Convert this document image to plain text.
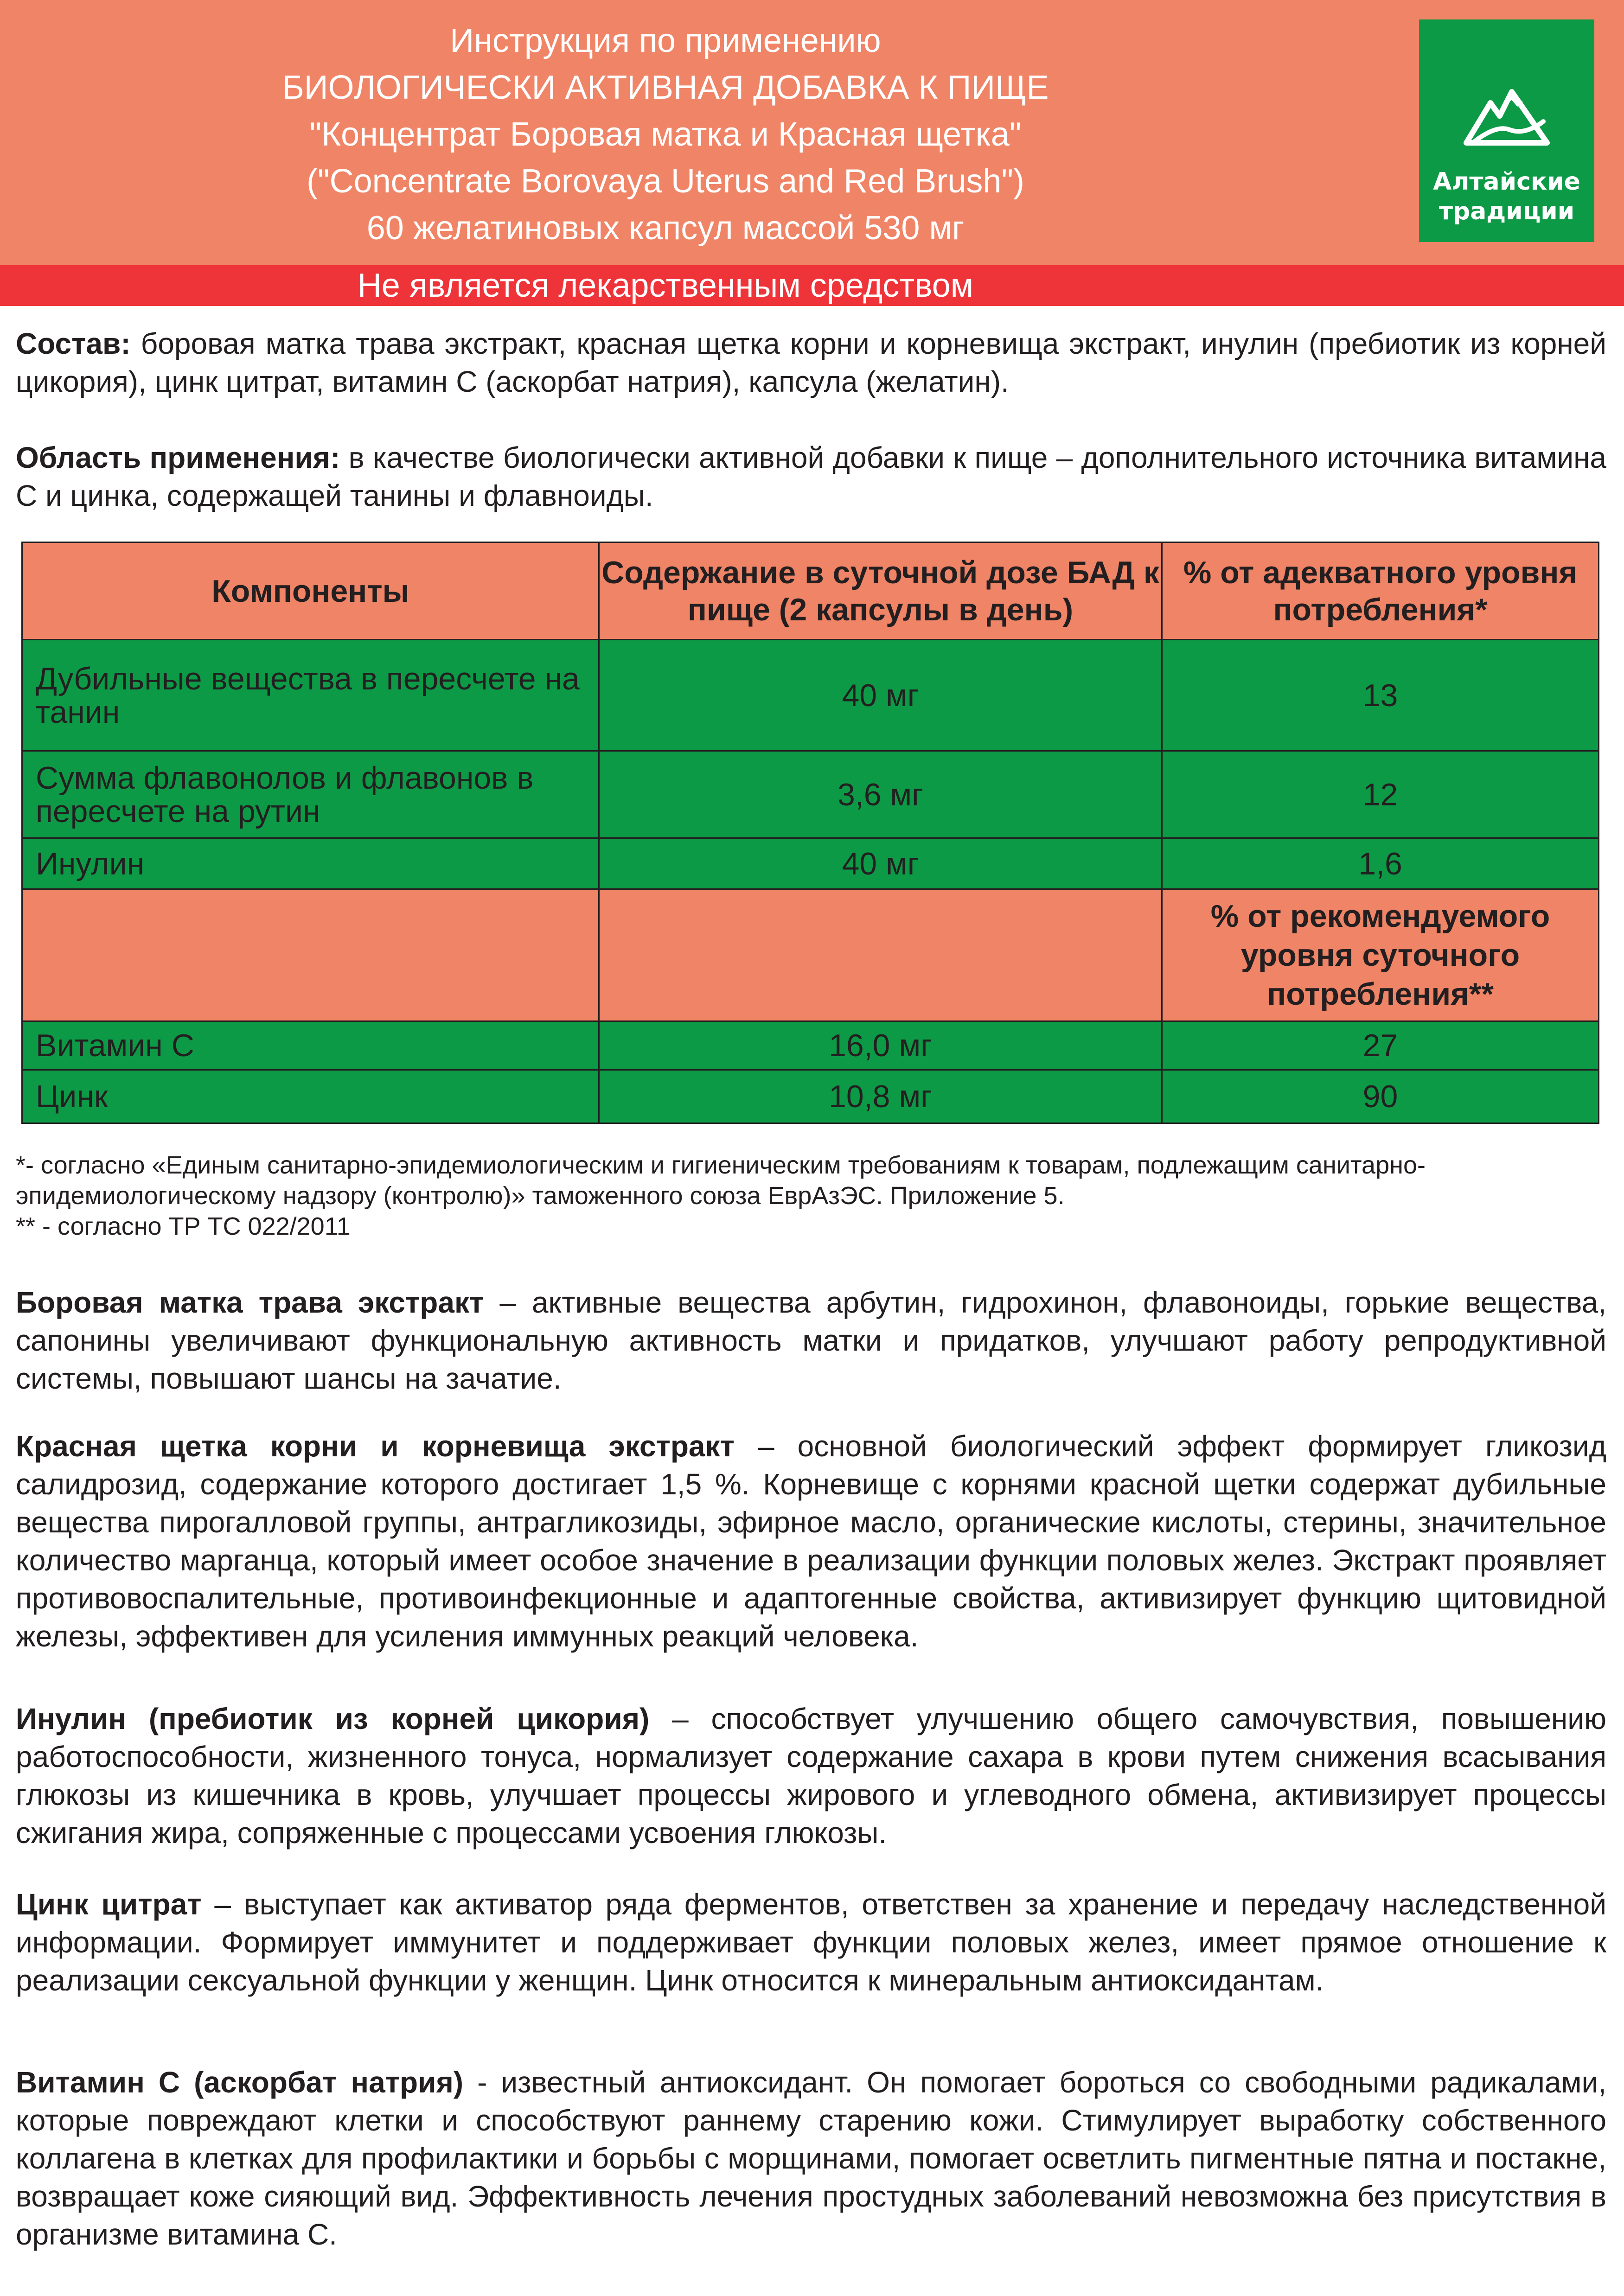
Инструкция по применению
БИОЛОГИЧЕСКИ АКТИВНАЯ ДОБАВКА К ПИЩЕ
"Концентрат Боровая матка и Красная щетка"
("Concentrate Borovaya Uterus and Red Brush")
60 желатиновых капсул массой 530 мг
Алтайские
традиции
Не является лекарственным средством

Состав: боровая матка трава экстракт, красная щетка корни и корневища экстракт, инулин (пребиотик из корней цикория), цинк цитрат, витамин С (аскорбат натрия), капсула (желатин).

Область применения: в качестве биологически активной добавки к пище – дополнительного источника витамина С и цинка, содержащей танины и флавноиды.

Компоненты	Содержание в суточной дозе БАД к пище (2 капсулы в день)	% от адекватного уровня потребления*
Дубильные вещества в пересчете на танин	40 мг	13
Сумма флавонолов и флавонов в пересчете на рутин	3,6 мг	12
Инулин	40 мг	1,6
		% от рекомендуемого уровня суточного потребления**
Витамин С	16,0 мг	27
Цинк	10,8 мг	90
*- согласно «Единым санитарно-эпидемиологическим и гигиеническим требованиям к товарам, подлежащим санитарно-эпидемиологическому надзору (контролю)» таможенного союза ЕврАзЭС. Приложение 5.
** - согласно ТР ТС 022/2011

Боровая матка трава экстракт – активные вещества арбутин, гидрохинон, флавоноиды, горькие вещества, сапонины увеличивают функциональную активность матки и придатков, улучшают работу репродуктивной системы, повышают шансы на зачатие.

Красная щетка корни и корневища экстракт – основной биологический эффект формирует гликозид салидрозид, содержание которого достигает 1,5 %. Корневище с корнями красной щетки содержат дубильные вещества пирогалловой группы, антрагликозиды, эфирное масло, органические кислоты, стерины, значительное количество марганца, который имеет особое значение в реализации функции половых желез. Экстракт проявляет противовоспалительные, противоинфекционные и адаптогенные свойства, активизирует функцию щитовидной железы, эффективен для усиления иммунных реакций человека.

Инулин (пребиотик из корней цикория) – способствует улучшению общего самочувствия, повышению работоспособности, жизненного тонуса, нормализует содержание сахара в крови путем снижения всасывания глюкозы из кишечника в кровь, улучшает процессы жирового и углеводного обмена, активизирует процессы сжигания жира, сопряженные с процессами усвоения глюкозы.

Цинк цитрат – выступает как активатор ряда ферментов, ответствен за хранение и передачу наследственной информации. Формирует иммунитет и поддерживает функции половых желез, имеет прямое отношение к реализации сексуальной функции у женщин. Цинк относится к минеральным антиоксидантам.

Витамин С (аскорбат натрия) - известный антиоксидант. Он помогает бороться со свободными радикалами, которые повреждают клетки и способствуют раннему старению кожи. Стимулирует выработку собственного коллагена в клетках для профилактики и борьбы с морщинами, помогает осветлить пигментные пятна и постакне, возвращает коже сияющий вид. Эффективность лечения простудных заболеваний невозможна без присутствия в организме витамина С.
